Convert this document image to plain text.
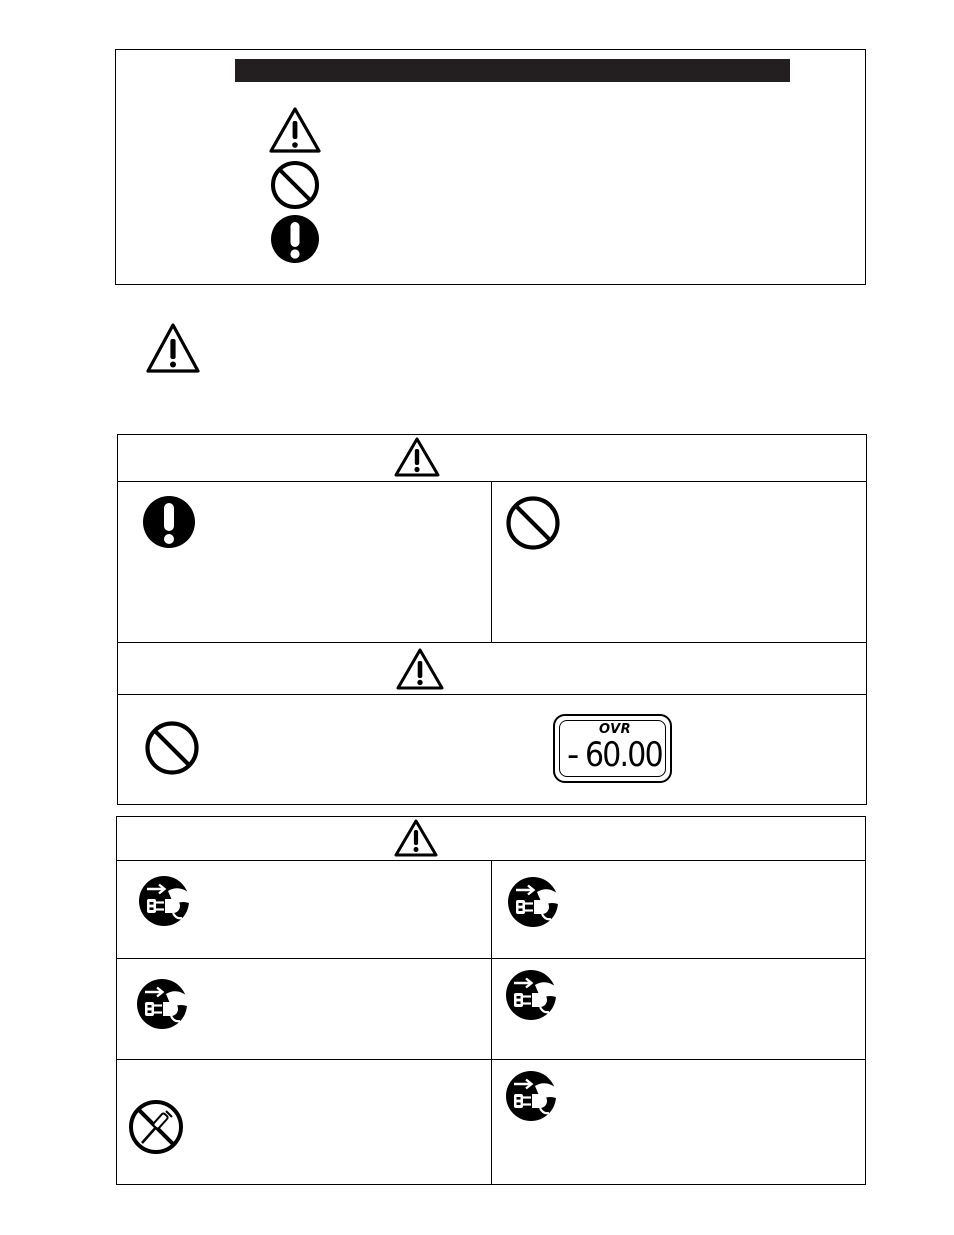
OVR
- 60.00
